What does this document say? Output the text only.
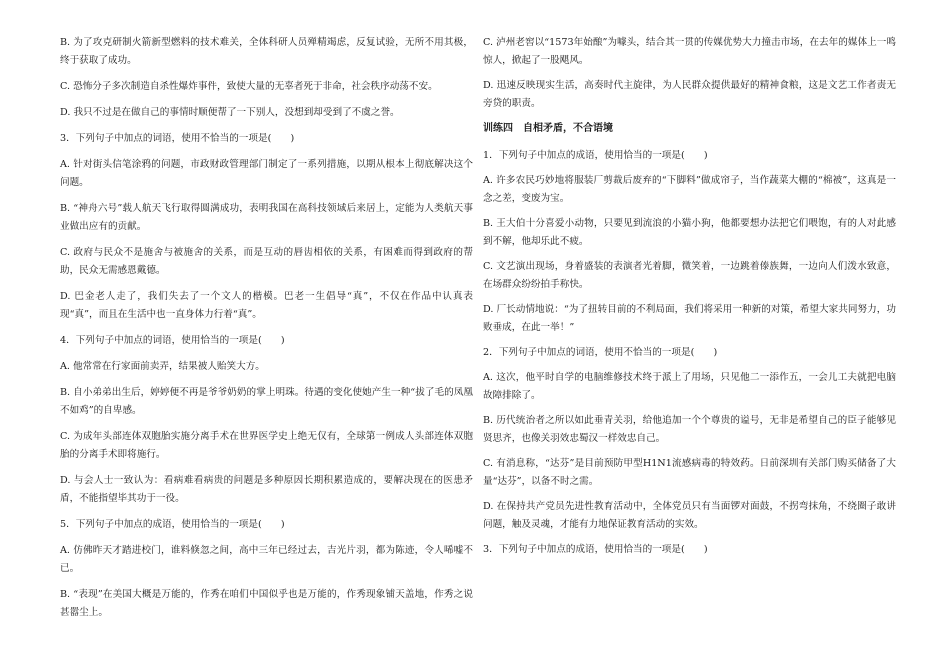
B. 为了攻克研制火箭新型燃料的技术难关，全体科研人员殚精竭虑，反复试验，无所不用其极，终于获取了成功。

C. 恐怖分子多次制造自杀性爆炸事件，致使大量的无辜者死于非命，社会秩序动荡不安。

D. 我只不过是在做自己的事情时顺便帮了一下别人，没想到却受到了不虞之誉。

3．下列句子中加点的词语，使用不恰当的一项是(　　)

A. 针对街头信笔涂鸦的问题，市政财政管理部门制定了一系列措施，以期从根本上彻底解决这个问题。

B. “神舟六号”载人航天飞行取得圆满成功，表明我国在高科技领域后来居上，定能为人类航天事业做出应有的贡献。

C. 政府与民众不是施舍与被施舍的关系，而是互动的唇齿相依的关系，有困难而得到政府的帮助，民众无需感恩戴德。

D. 巴金老人走了，我们失去了一个文人的楷模。巴老一生倡导“真”，不仅在作品中认真表现“真”，而且在生活中也一直身体力行着“真”。

4．下列句子中加点的词语，使用恰当的一项是(　　)

A. 他常常在行家面前卖弄，结果被人贻笑大方。

B. 自小弟弟出生后，婷婷便不再是爷爷奶奶的掌上明珠。待遇的变化使她产生一种“拔了毛的凤凰不如鸡”的自卑感。

C. 为成年头部连体双胞胎实施分离手术在世界医学史上绝无仅有，全球第一例成人头部连体双胞胎的分离手术即将施行。

D. 与会人士一致认为：看病难看病贵的问题是多种原因长期积累造成的，要解决现在的医患矛盾，不能指望毕其功于一役。

5．下列句子中加点的成语，使用恰当的一项是(　　)

A. 仿佛昨天才踏进校门，谁料倏忽之间，高中三年已经过去，吉光片羽，都为陈迹，令人唏嘘不已。

B. “表现”在美国大概是万能的，作秀在咱们中国似乎也是万能的，作秀现象铺天盖地，作秀之说甚嚣尘上。

C. 泸州老窖以“1573年始酿”为噱头，结合其一贯的传媒优势大力撞击市场，在去年的媒体上一鸣惊人，掀起了一股飓风。

D. 迅速反映现实生活，高奏时代主旋律，为人民群众提供最好的精神食粮，这是文艺工作者责无旁贷的职责。

训练四　自相矛盾，不合语境

1．下列句子中加点的成语，使用恰当的一项是(　　)

A. 许多农民巧妙地将服装厂剪裁后废弃的“下脚料”做成帘子，当作蔬菜大棚的“棉被”，这真是一念之差，变废为宝。

B. 王大伯十分喜爱小动物，只要见到流浪的小猫小狗，他都要想办法把它们喂饱，有的人对此感到不解，他却乐此不疲。

C. 文艺演出现场，身着盛装的表演者光着脚，微笑着，一边跳着傣族舞，一边向人们泼水致意，在场群众纷纷拍手称快。

D. 厂长动情地说：“为了扭转目前的不利局面，我们将采用一种新的对策，希望大家共同努力，功败垂成，在此一举！”

2．下列句子中加点的词语，使用不恰当的一项是(　　)

A. 这次，他平时自学的电脑维修技术终于派上了用场，只见他二一添作五，一会儿工夫就把电脑故障排除了。

B. 历代统治者之所以如此垂青关羽，给他追加一个个尊贵的谥号，无非是希望自己的臣子能够见贤思齐，也像关羽效忠蜀汉一样效忠自己。

C. 有消息称，“达芬”是目前预防甲型H1N1流感病毒的特效药。日前深圳有关部门购买储备了大量“达芬”，以备不时之需。

D. 在保持共产党员先进性教育活动中，全体党员只有当面锣对面鼓，不拐弯抹角，不绕圈子敢讲问题，触及灵魂，才能有力地保证教育活动的实效。

3．下列句子中加点的成语，使用恰当的一项是(　　)
